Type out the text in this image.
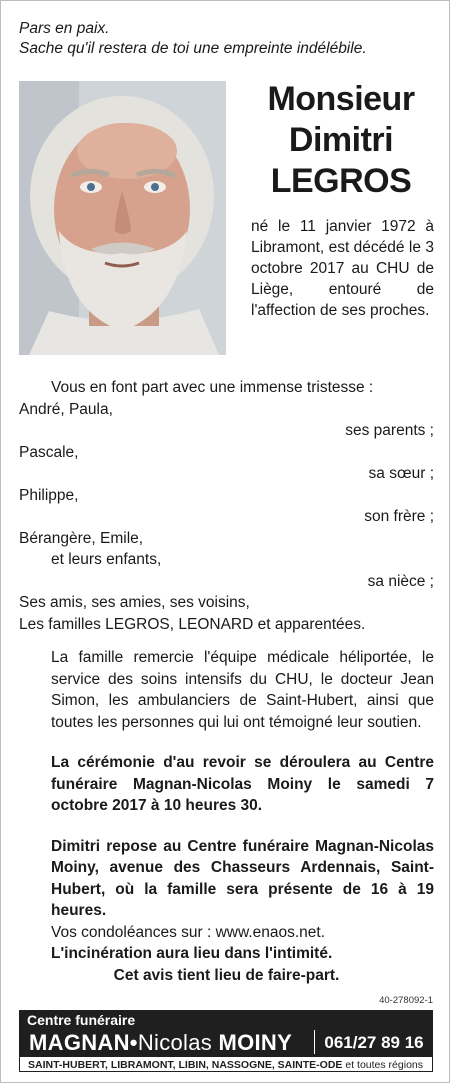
Pars en paix.
Sache qu'il restera de toi une empreinte indélébile.
Monsieur
Dimitri
LEGROS
né le 11 janvier 1972 à Libramont, est décédé le 3 octobre 2017 au CHU de Liège, entouré de l'affection de ses proches.
Vous en font part avec une immense tristesse :
André, Paula,
ses parents ;
Pascale,
sa sœur ;
Philippe,
son frère ;
Bérangère, Emile,
et leurs enfants,
sa nièce ;
Ses amis, ses amies, ses voisins,
Les familles LEGROS, LEONARD et apparentées.
La famille remercie l'équipe médicale héliportée, le service des soins intensifs du CHU, le docteur Jean Simon, les ambulanciers de Saint-Hubert, ainsi que toutes les personnes qui lui ont témoigné leur soutien.
La cérémonie d'au revoir se déroulera au Centre funéraire Magnan-Nicolas Moiny le samedi 7 octobre 2017 à 10 heures 30.
Dimitri repose au Centre funéraire Magnan-Nicolas Moiny, avenue des Chasseurs Ardennais, Saint-Hubert, où la famille sera présente de 16 à 19 heures.
Vos condoléances sur : www.enaos.net.
L'incinération aura lieu dans l'intimité.
Cet avis tient lieu de faire-part.
40-278092-1
Centre funéraire
MAGNAN•Nicolas MOINY	061/27 89 16
SAINT-HUBERT, LIBRAMONT, LIBIN, NASSOGNE, SAINTE-ODE et toutes régions
